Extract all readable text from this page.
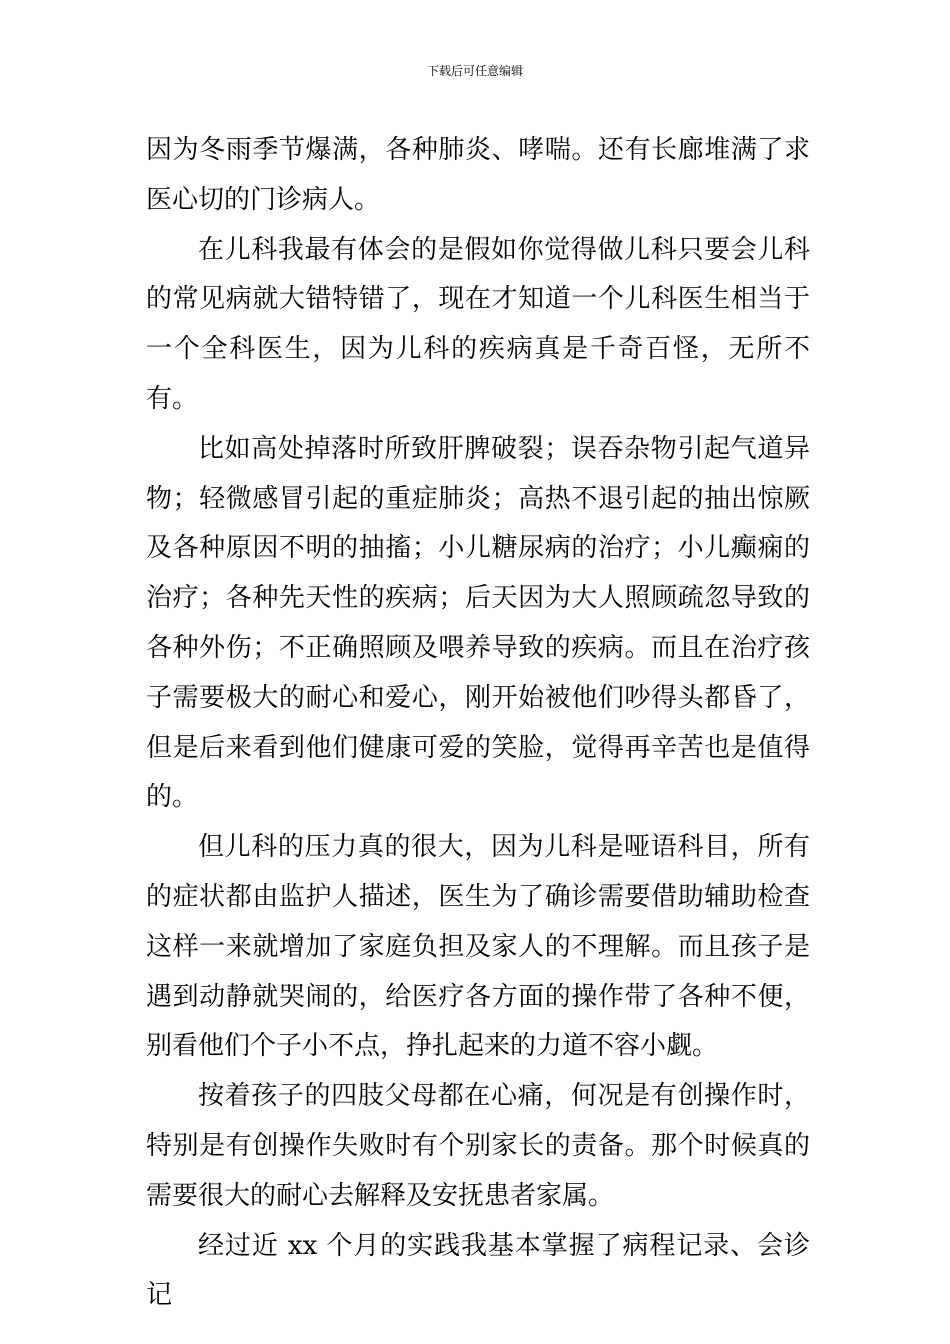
下载后可任意编辑

因为冬雨季节爆满，各种肺炎、哮喘。还有长廊堆满了求医心切的门诊病人。

在儿科我最有体会的是假如你觉得做儿科只要会儿科的常见病就大错特错了，现在才知道一个儿科医生相当于一个全科医生，因为儿科的疾病真是千奇百怪，无所不有。

比如高处掉落时所致肝脾破裂；误吞杂物引起气道异物；轻微感冒引起的重症肺炎；高热不退引起的抽出惊厥及各种原因不明的抽搐；小儿糖尿病的治疗；小儿癫痫的治疗；各种先天性的疾病；后天因为大人照顾疏忽导致的各种外伤；不正确照顾及喂养导致的疾病。而且在治疗孩子需要极大的耐心和爱心，刚开始被他们吵得头都昏了，但是后来看到他们健康可爱的笑脸，觉得再辛苦也是值得的。

但儿科的压力真的很大，因为儿科是哑语科目，所有的症状都由监护人描述，医生为了确诊需要借助辅助检查这样一来就增加了家庭负担及家人的不理解。而且孩子是遇到动静就哭闹的，给医疗各方面的操作带了各种不便，别看他们个子小不点，挣扎起来的力道不容小觑。

按着孩子的四肢父母都在心痛，何况是有创操作时，特别是有创操作失败时有个别家长的责备。那个时候真的需要很大的耐心去解释及安抚患者家属。

经过近 xx 个月的实践我基本掌握了病程记录、会诊记
